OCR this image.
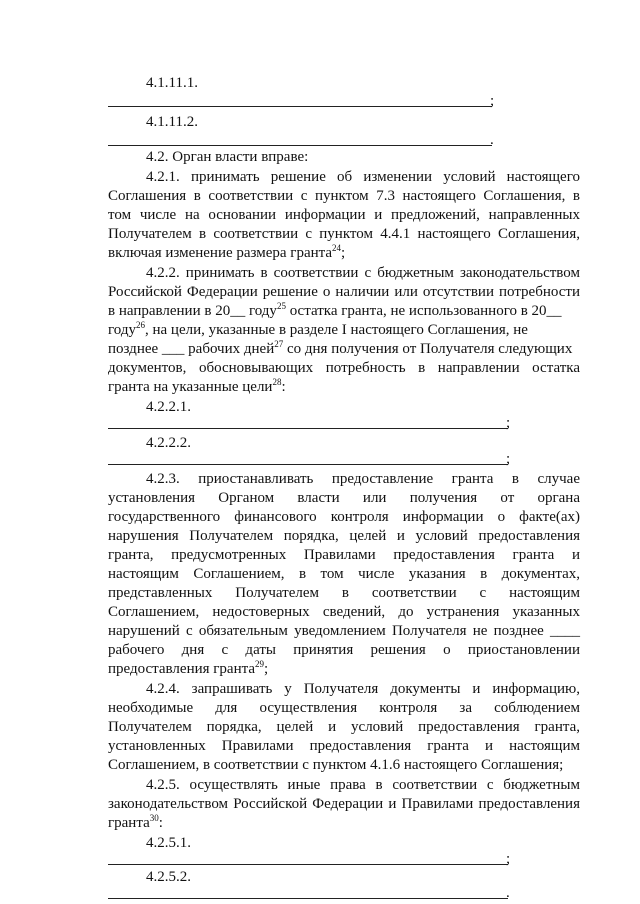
4.1.11.1.
;
4.1.11.2.
.
4.2. Орган власти вправе:
4.2.1. принимать решение об изменении условий настоящего
Соглашения в соответствии с пунктом 7.3 настоящего Соглашения, в
том числе на основании информации и предложений, направленных
Получателем в соответствии с пунктом 4.4.1 настоящего Соглашения,
включая изменение размера гранта$^{24}$;
4.2.2. принимать в соответствии с бюджетным законодательством
Российской Федерации решение о наличии или отсутствии потребности
в направлении в 20__ году$^{25}$ остатка гранта, не использованного в 20__
году$^{26}$, на цели, указанные в разделе I настоящего Соглашения, не
позднее ___ рабочих дней$^{27}$ со дня получения от Получателя следующих
документов, обосновывающих потребность в направлении остатка
гранта на указанные цели$^{28}$:
4.2.2.1.
;
4.2.2.2.
;
4.2.3. приостанавливать предоставление гранта в случае
установления Органом власти или получения от органа
государственного финансового контроля информации о факте(ах)
нарушения Получателем порядка, целей и условий предоставления
гранта, предусмотренных Правилами предоставления гранта и
настоящим Соглашением, в том числе указания в документах,
представленных Получателем в соответствии с настоящим
Соглашением, недостоверных сведений, до устранения указанных
нарушений с обязательным уведомлением Получателя не позднее ____
рабочего дня с даты принятия решения о приостановлении
предоставления гранта$^{29}$;
4.2.4. запрашивать у Получателя документы и информацию,
необходимые для осуществления контроля за соблюдением
Получателем порядка, целей и условий предоставления гранта,
установленных Правилами предоставления гранта и настоящим
Соглашением, в соответствии с пунктом 4.1.6 настоящего Соглашения;
4.2.5. осуществлять иные права в соответствии с бюджетным
законодательством Российской Федерации и Правилами предоставления
гранта$^{30}$:
4.2.5.1.
;
4.2.5.2.
.
